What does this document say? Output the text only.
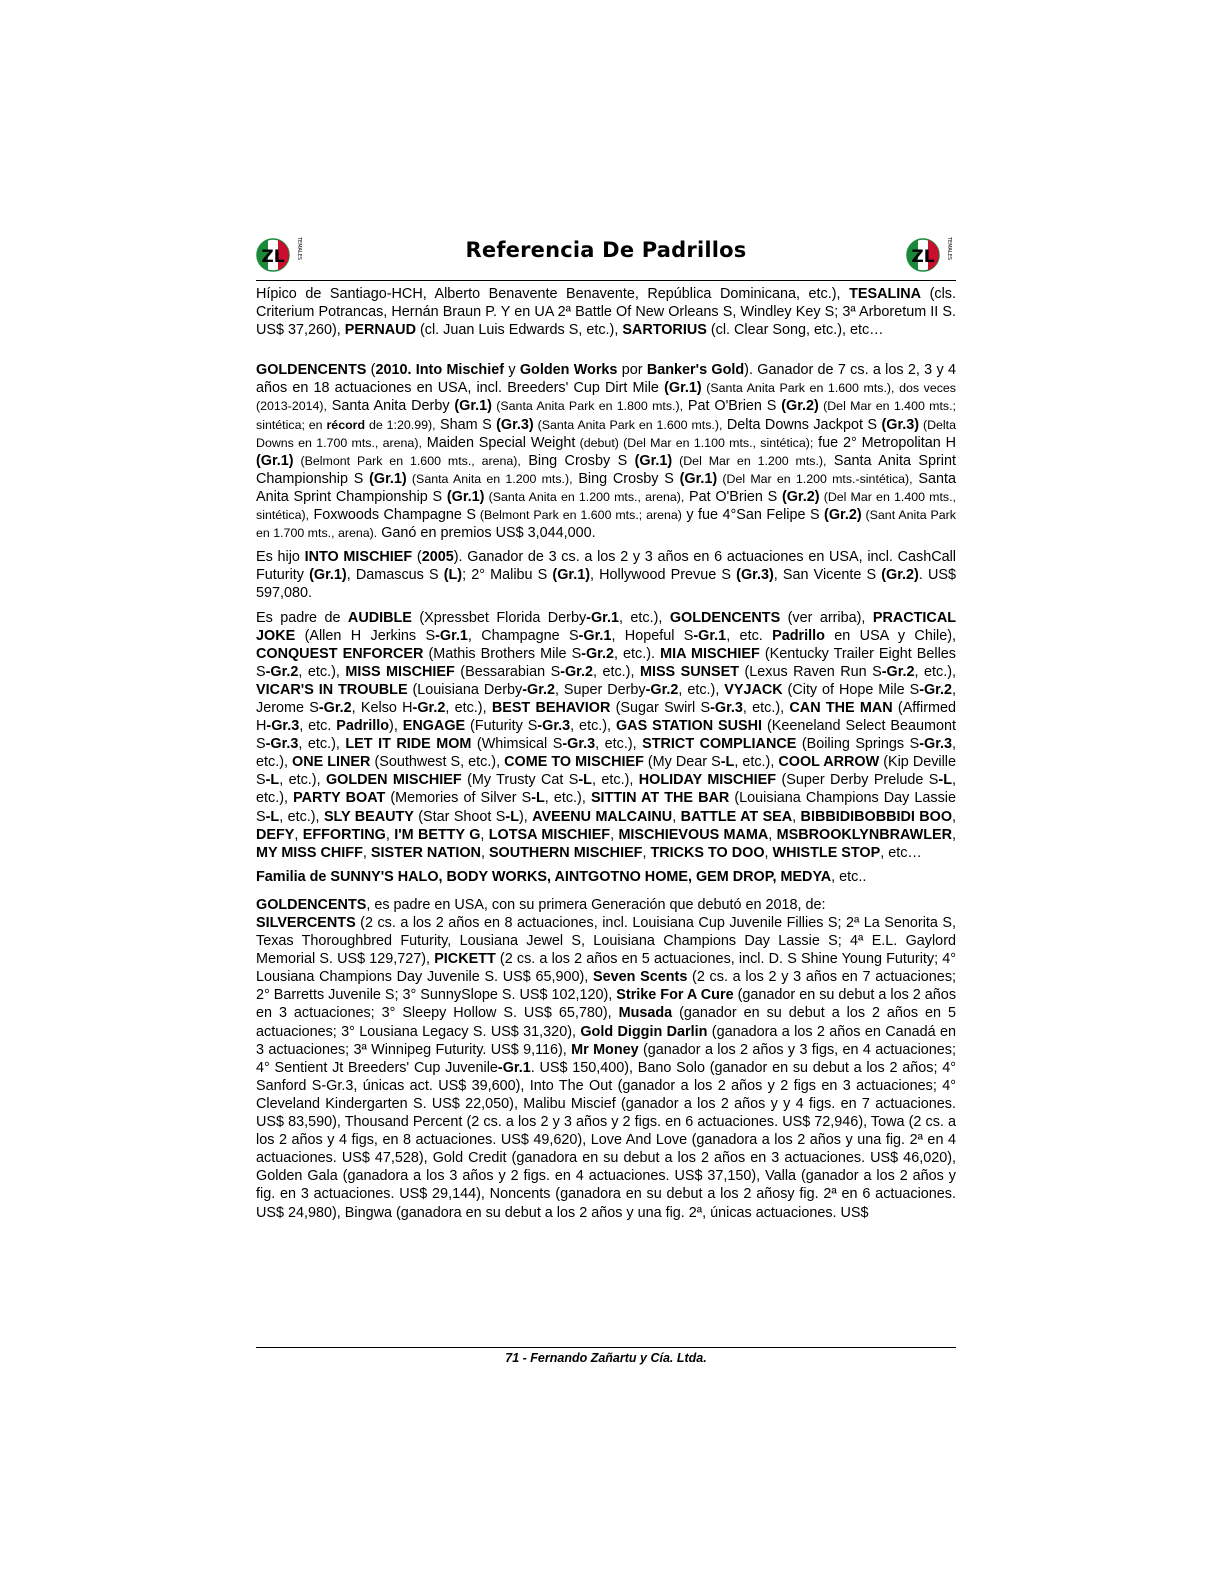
ZL TEMALES	Referencia De Padrillos	ZL TEMALES

Hípico de Santiago-HCH, Alberto Benavente Benavente, República Dominicana, etc.), TESALINA (cls. Criterium Potrancas, Hernán Braun P. Y en UA 2ª Battle Of New Orleans S, Windley Key S; 3ª Arboretum II S. US$ 37,260), PERNAUD (cl. Juan Luis Edwards S, etc.), SARTORIUS (cl. Clear Song, etc.), etc…

GOLDENCENTS (2010. Into Mischief y Golden Works por Banker's Gold). Ganador de 7 cs. a los 2, 3 y 4 años en 18 actuaciones en USA, incl. Breeders' Cup Dirt Mile (Gr.1) (Santa Anita Park en 1.600 mts.), dos veces (2013-2014), Santa Anita Derby (Gr.1) (Santa Anita Park en 1.800 mts.), Pat O'Brien S (Gr.2) (Del Mar en 1.400 mts.; sintética; en récord de 1:20.99), Sham S (Gr.3) (Santa Anita Park en 1.600 mts.), Delta Downs Jackpot S (Gr.3) (Delta Downs en 1.700 mts., arena), Maiden Special Weight (debut) (Del Mar en 1.100 mts., sintética); fue 2° Metropolitan H (Gr.1) (Belmont Park en 1.600 mts., arena), Bing Crosby S (Gr.1) (Del Mar en 1.200 mts.), Santa Anita Sprint Championship S (Gr.1) (Santa Anita en 1.200 mts.), Bing Crosby S (Gr.1) (Del Mar en 1.200 mts.-sintética), Santa Anita Sprint Championship S (Gr.1) (Santa Anita en 1.200 mts., arena), Pat O'Brien S (Gr.2) (Del Mar en 1.400 mts., sintética), Foxwoods Champagne S (Belmont Park en 1.600 mts.; arena) y fue 4°San Felipe S (Gr.2) (Sant Anita Park en 1.700 mts., arena). Ganó en premios US$ 3,044,000.

Es hijo INTO MISCHIEF (2005). Ganador de 3 cs. a los 2 y 3 años en 6 actuaciones en USA, incl. CashCall Futurity (Gr.1), Damascus S (L); 2° Malibu S (Gr.1), Hollywood Prevue S (Gr.3), San Vicente S (Gr.2). US$ 597,080.

Es padre de AUDIBLE (Xpressbet Florida Derby-Gr.1, etc.), GOLDENCENTS (ver arriba), PRACTICAL JOKE (Allen H Jerkins S-Gr.1, Champagne S-Gr.1, Hopeful S-Gr.1, etc. Padrillo en USA y Chile), CONQUEST ENFORCER (Mathis Brothers Mile S-Gr.2, etc.). MIA MISCHIEF (Kentucky Trailer Eight Belles S-Gr.2, etc.), MISS MISCHIEF (Bessarabian S-Gr.2, etc.), MISS SUNSET (Lexus Raven Run S-Gr.2, etc.), VICAR'S IN TROUBLE (Louisiana Derby-Gr.2, Super Derby-Gr.2, etc.), VYJACK (City of Hope Mile S-Gr.2, Jerome S-Gr.2, Kelso H-Gr.2, etc.), BEST BEHAVIOR (Sugar Swirl S-Gr.3, etc.), CAN THE MAN (Affirmed H-Gr.3, etc. Padrillo), ENGAGE (Futurity S-Gr.3, etc.), GAS STATION SUSHI (Keeneland Select Beaumont S-Gr.3, etc.), LET IT RIDE MOM (Whimsical S-Gr.3, etc.), STRICT COMPLIANCE (Boiling Springs S-Gr.3, etc.), ONE LINER (Southwest S, etc.), COME TO MISCHIEF (My Dear S-L, etc.), COOL ARROW (Kip Deville S-L, etc.), GOLDEN MISCHIEF (My Trusty Cat S-L, etc.), HOLIDAY MISCHIEF (Super Derby Prelude S-L, etc.), PARTY BOAT (Memories of Silver S-L, etc.), SITTIN AT THE BAR (Louisiana Champions Day Lassie S-L, etc.), SLY BEAUTY (Star Shoot S-L), AVEENU MALCAINU, BATTLE AT SEA, BIBBIDIBOBBIDI BOO, DEFY, EFFORTING, I'M BETTY G, LOTSA MISCHIEF, MISCHIEVOUS MAMA, MSBROOKLYNBRAWLER, MY MISS CHIFF, SISTER NATION, SOUTHERN MISCHIEF, TRICKS TO DOO, WHISTLE STOP, etc…

Familia de SUNNY'S HALO, BODY WORKS, AINTGOTNO HOME, GEM DROP, MEDYA, etc..

GOLDENCENTS, es padre en USA, con su primera Generación que debutó en 2018, de:
SILVERCENTS (2 cs. a los 2 años en 8 actuaciones, incl. Louisiana Cup Juvenile Fillies S; 2ª La Senorita S, Texas Thoroughbred Futurity, Lousiana Jewel S, Louisiana Champions Day Lassie S; 4ª E.L. Gaylord Memorial S. US$ 129,727), PICKETT (2 cs. a los 2 años en 5 actuaciones, incl. D. S Shine Young Futurity; 4° Lousiana Champions Day Juvenile S. US$ 65,900), Seven Scents (2 cs. a los 2 y 3 años en 7 actuaciones; 2° Barretts Juvenile S; 3° SunnySlope S. US$ 102,120), Strike For A Cure (ganador en su debut a los 2 años en 3 actuaciones; 3° Sleepy Hollow S. US$ 65,780), Musada (ganador en su debut a los 2 años en 5 actuaciones; 3° Lousiana Legacy S. US$ 31,320), Gold Diggin Darlin (ganadora a los 2 años en Canadá en 3 actuaciones; 3ª Winnipeg Futurity. US$ 9,116), Mr Money (ganador a los 2 años y 3 figs, en 4 actuaciones; 4° Sentient Jt Breeders' Cup Juvenile-Gr.1. US$ 150,400), Bano Solo (ganador en su debut a los 2 años; 4° Sanford S-Gr.3, únicas act. US$ 39,600), Into The Out (ganador a los 2 años y 2 figs en 3 actuaciones; 4° Cleveland Kindergarten S. US$ 22,050), Malibu Miscief (ganador a los 2 años y y 4 figs. en 7 actuaciones. US$ 83,590), Thousand Percent (2 cs. a los 2 y 3 años y 2 figs. en 6 actuaciones. US$ 72,946), Towa (2 cs. a los 2 años y 4 figs, en 8 actuaciones. US$ 49,620), Love And Love (ganadora a los 2 años y una fig. 2ª en 4 actuaciones. US$ 47,528), Gold Credit (ganadora en su debut a los 2 años en 3 actuaciones. US$ 46,020), Golden Gala (ganadora a los 3 años y 2 figs. en 4 actuaciones. US$ 37,150), Valla (ganador a los 2 años y fig. en 3 actuaciones. US$ 29,144), Noncents (ganadora en su debut a los 2 añosy fig. 2ª en 6 actuaciones. US$ 24,980), Bingwa (ganadora en su debut a los 2 años y una fig. 2ª, únicas actuaciones. US$

71 - Fernando Zañartu y Cía. Ltda.
